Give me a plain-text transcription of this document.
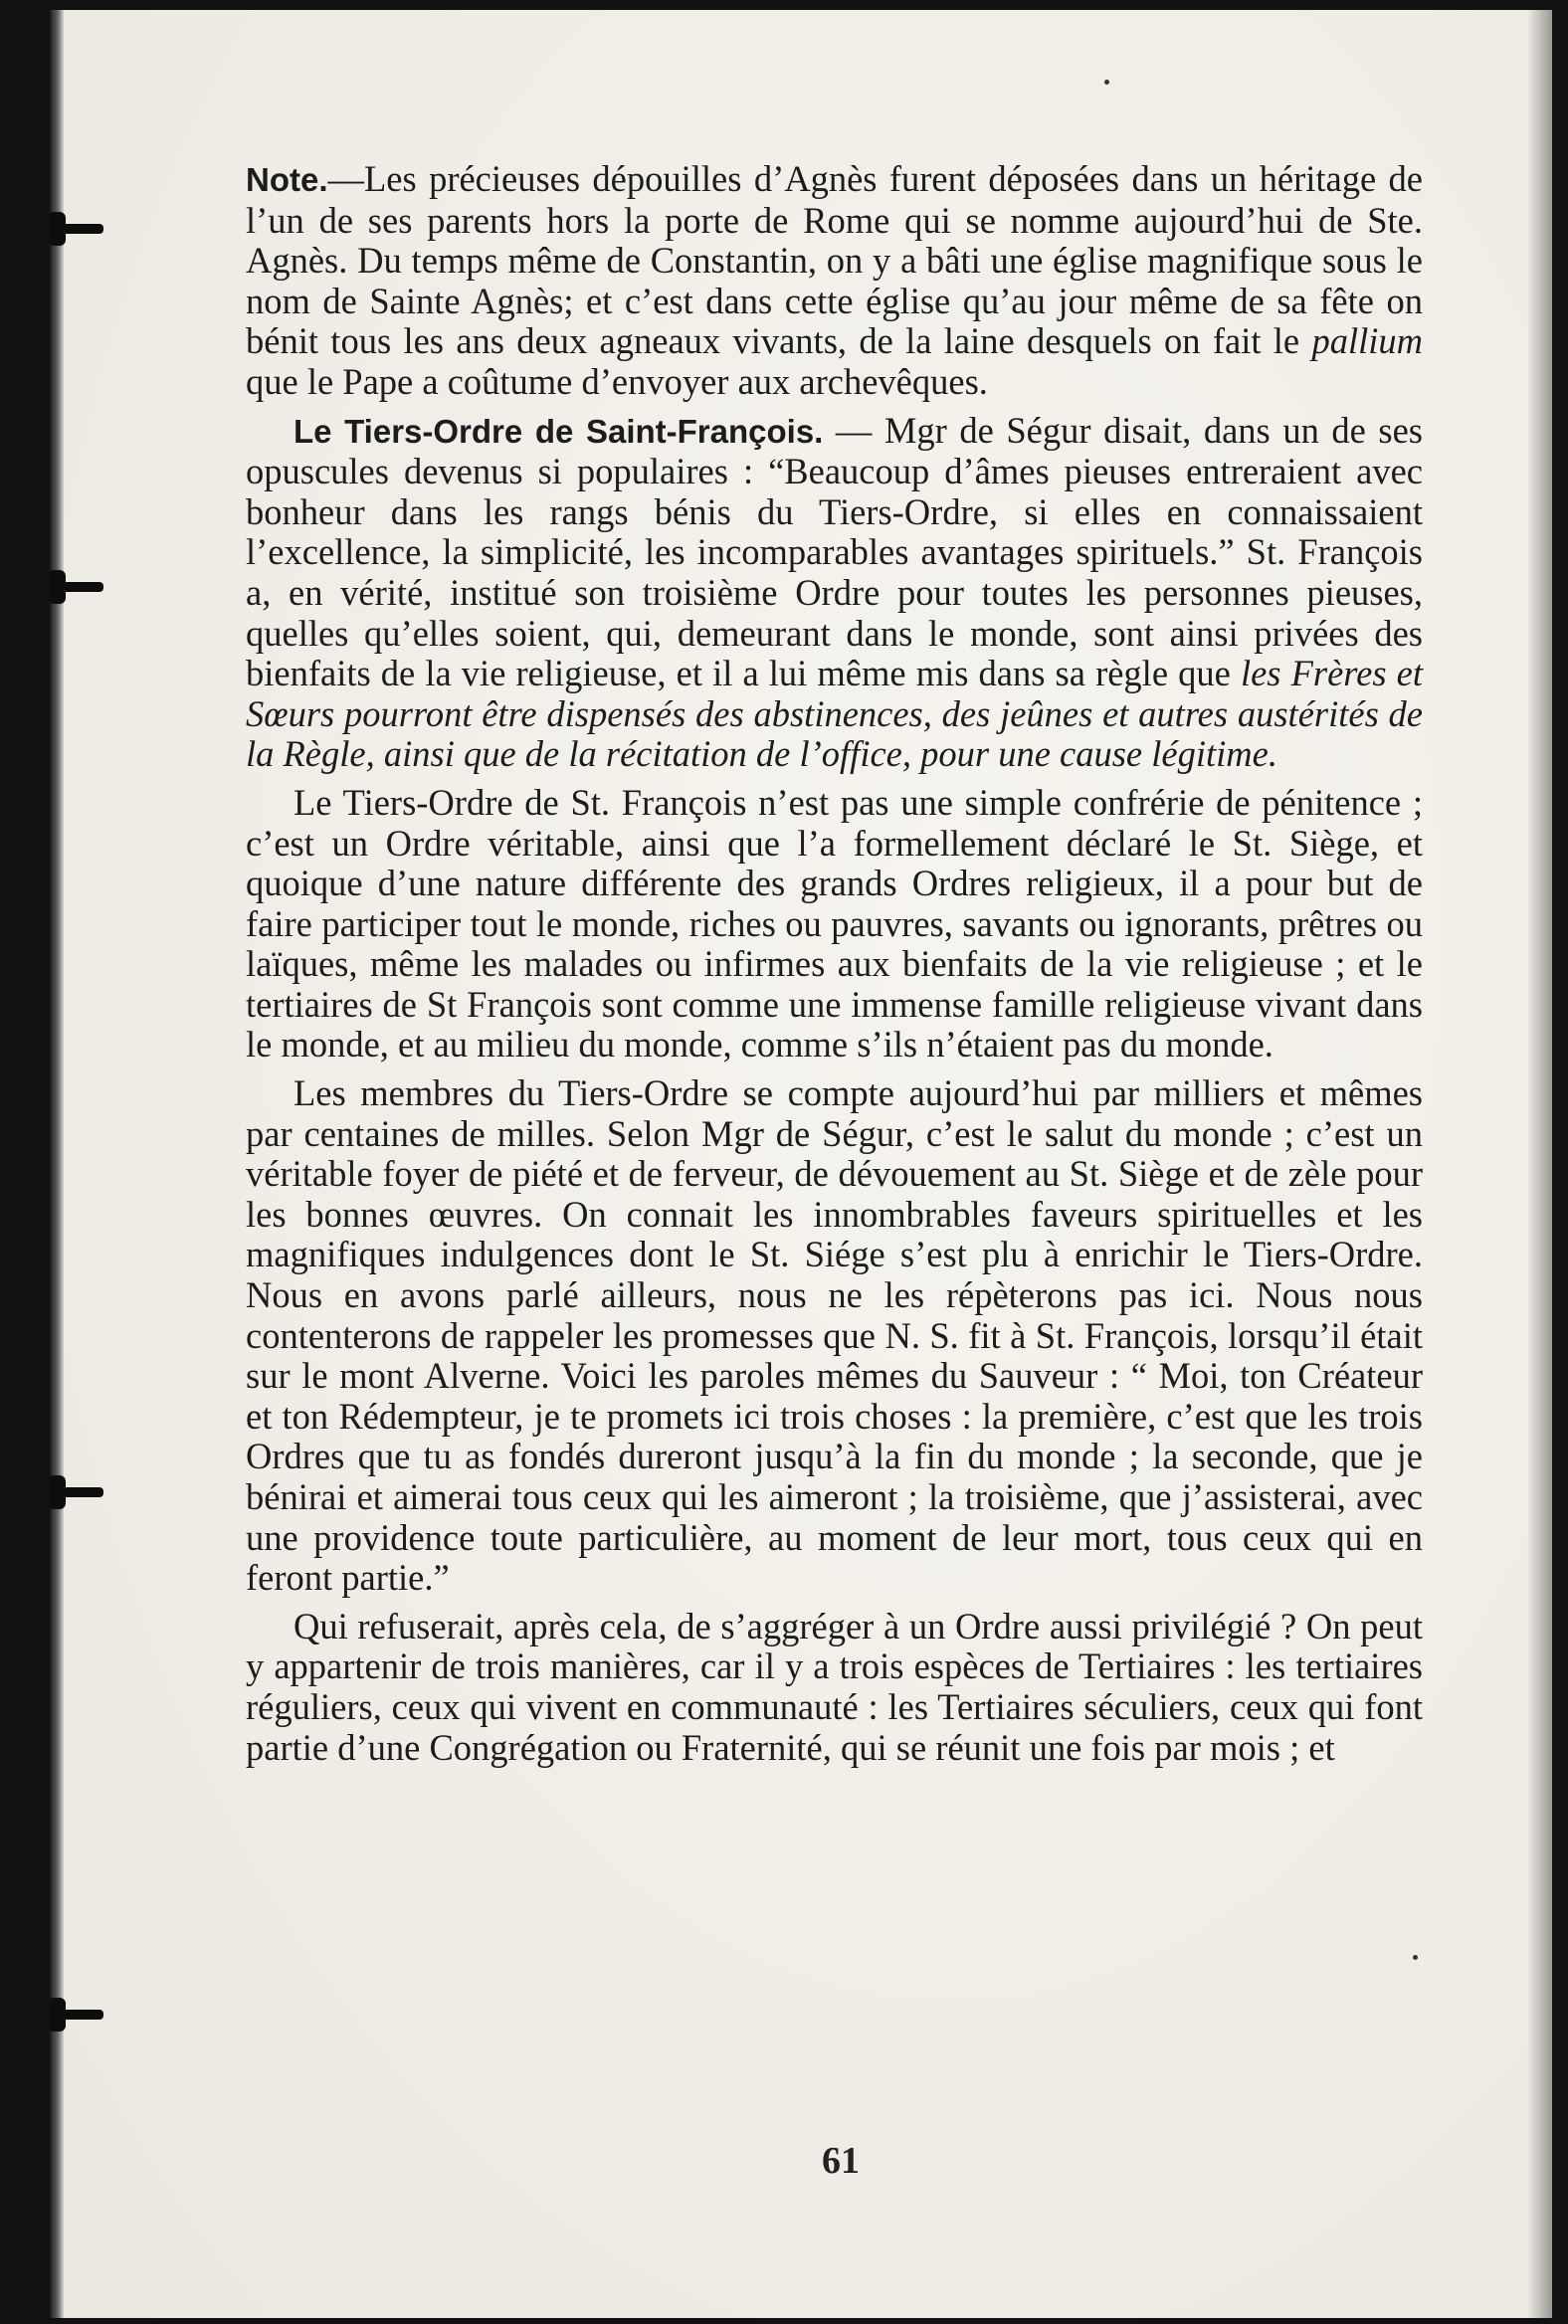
Note.—Les précieuses dépouilles d’Agnès furent déposées dans un héritage de l’un de ses parents hors la porte de Rome qui se nomme aujourd’hui de Ste. Agnès. Du temps même de Constantin, on y a bâti une église magnifique sous le nom de Sainte Agnès; et c’est dans cette église qu’au jour même de sa fête on bénit tous les ans deux agneaux vivants, de la laine desquels on fait le pallium que le Pape a coûtume d’envoyer aux archevêques.

Le Tiers-Ordre de Saint-François. — Mgr de Ségur disait, dans un de ses opuscules devenus si populaires : “Beaucoup d’âmes pieuses entreraient avec bonheur dans les rangs bénis du Tiers-Ordre, si elles en connaissaient l’excellence, la simplicité, les incomparables avantages spirituels.” St. François a, en vérité, institué son troisième Ordre pour toutes les personnes pieuses, quelles qu’elles soient, qui, demeurant dans le monde, sont ainsi privées des bienfaits de la vie religieuse, et il a lui même mis dans sa règle que les Frères et Sœurs pourront être dispensés des abstinences, des jeûnes et autres austérités de la Règle, ainsi que de la récitation de l’office, pour une cause légitime.

Le Tiers-Ordre de St. François n’est pas une simple confrérie de pénitence ; c’est un Ordre véritable, ainsi que l’a formellement déclaré le St. Siège, et quoique d’une nature différente des grands Ordres religieux, il a pour but de faire participer tout le monde, riches ou pauvres, savants ou ignorants, prêtres ou laïques, même les malades ou infirmes aux bienfaits de la vie religieuse ; et le tertiaires de St François sont comme une immense famille religieuse vivant dans le monde, et au milieu du monde, comme s’ils n’étaient pas du monde.

Les membres du Tiers-Ordre se compte aujourd’hui par milliers et mêmes par centaines de milles. Selon Mgr de Ségur, c’est le salut du monde ; c’est un véritable foyer de piété et de ferveur, de dévouement au St. Siège et de zèle pour les bonnes œuvres. On connait les innombrables faveurs spirituelles et les magnifiques indulgences dont le St. Siége s’est plu à enrichir le Tiers-Ordre. Nous en avons parlé ailleurs, nous ne les répèterons pas ici. Nous nous contenterons de rappeler les promesses que N. S. fit à St. François, lorsqu’il était sur le mont Alverne. Voici les paroles mêmes du Sauveur : “ Moi, ton Créateur et ton Rédempteur, je te promets ici trois choses : la première, c’est que les trois Ordres que tu as fondés dureront jusqu’à la fin du monde ; la seconde, que je bénirai et aimerai tous ceux qui les aimeront ; la troisième, que j’assisterai, avec une providence toute particulière, au moment de leur mort, tous ceux qui en feront partie.”

Qui refuserait, après cela, de s’aggréger à un Ordre aussi privilégié ? On peut y appartenir de trois manières, car il y a trois espèces de Tertiaires : les tertiaires réguliers, ceux qui vivent en communauté : les Tertiaires séculiers, ceux qui font partie d’une Congrégation ou Fraternité, qui se réunit une fois par mois ; et

61
